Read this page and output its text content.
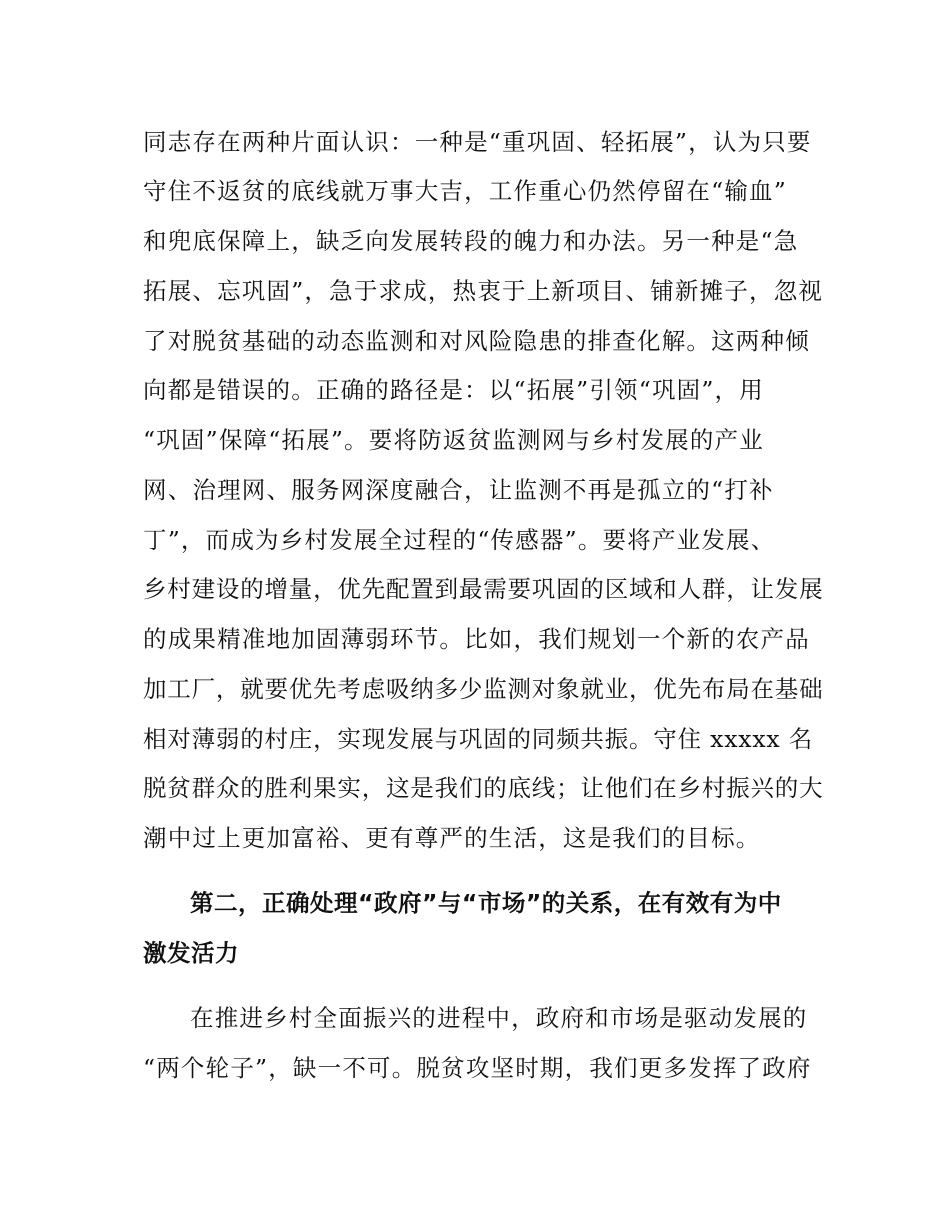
同志存在两种片面认识：一种是“重巩固、轻拓展”，认为只要
守住不返贫的底线就万事大吉，工作重心仍然停留在“输血”
和兜底保障上，缺乏向发展转段的魄力和办法。另一种是“急
拓展、忘巩固”，急于求成，热衷于上新项目、铺新摊子，忽视
了对脱贫基础的动态监测和对风险隐患的排查化解。这两种倾
向都是错误的。正确的路径是：以“拓展”引领“巩固”，用
“巩固”保障“拓展”。要将防返贫监测网与乡村发展的产业
网、治理网、服务网深度融合，让监测不再是孤立的“打补
丁”，而成为乡村发展全过程的“传感器”。要将产业发展、
乡村建设的增量，优先配置到最需要巩固的区域和人群，让发展
的成果精准地加固薄弱环节。比如，我们规划一个新的农产品
加工厂，就要优先考虑吸纳多少监测对象就业，优先布局在基础
相对薄弱的村庄，实现发展与巩固的同频共振。守住 xxxxx 名
脱贫群众的胜利果实，这是我们的底线；让他们在乡村振兴的大
潮中过上更加富裕、更有尊严的生活，这是我们的目标。
第二，正确处理“政府”与“市场”的关系，在有效有为中
激发活力
在推进乡村全面振兴的进程中，政府和市场是驱动发展的
“两个轮子”，缺一不可。脱贫攻坚时期，我们更多发挥了政府
